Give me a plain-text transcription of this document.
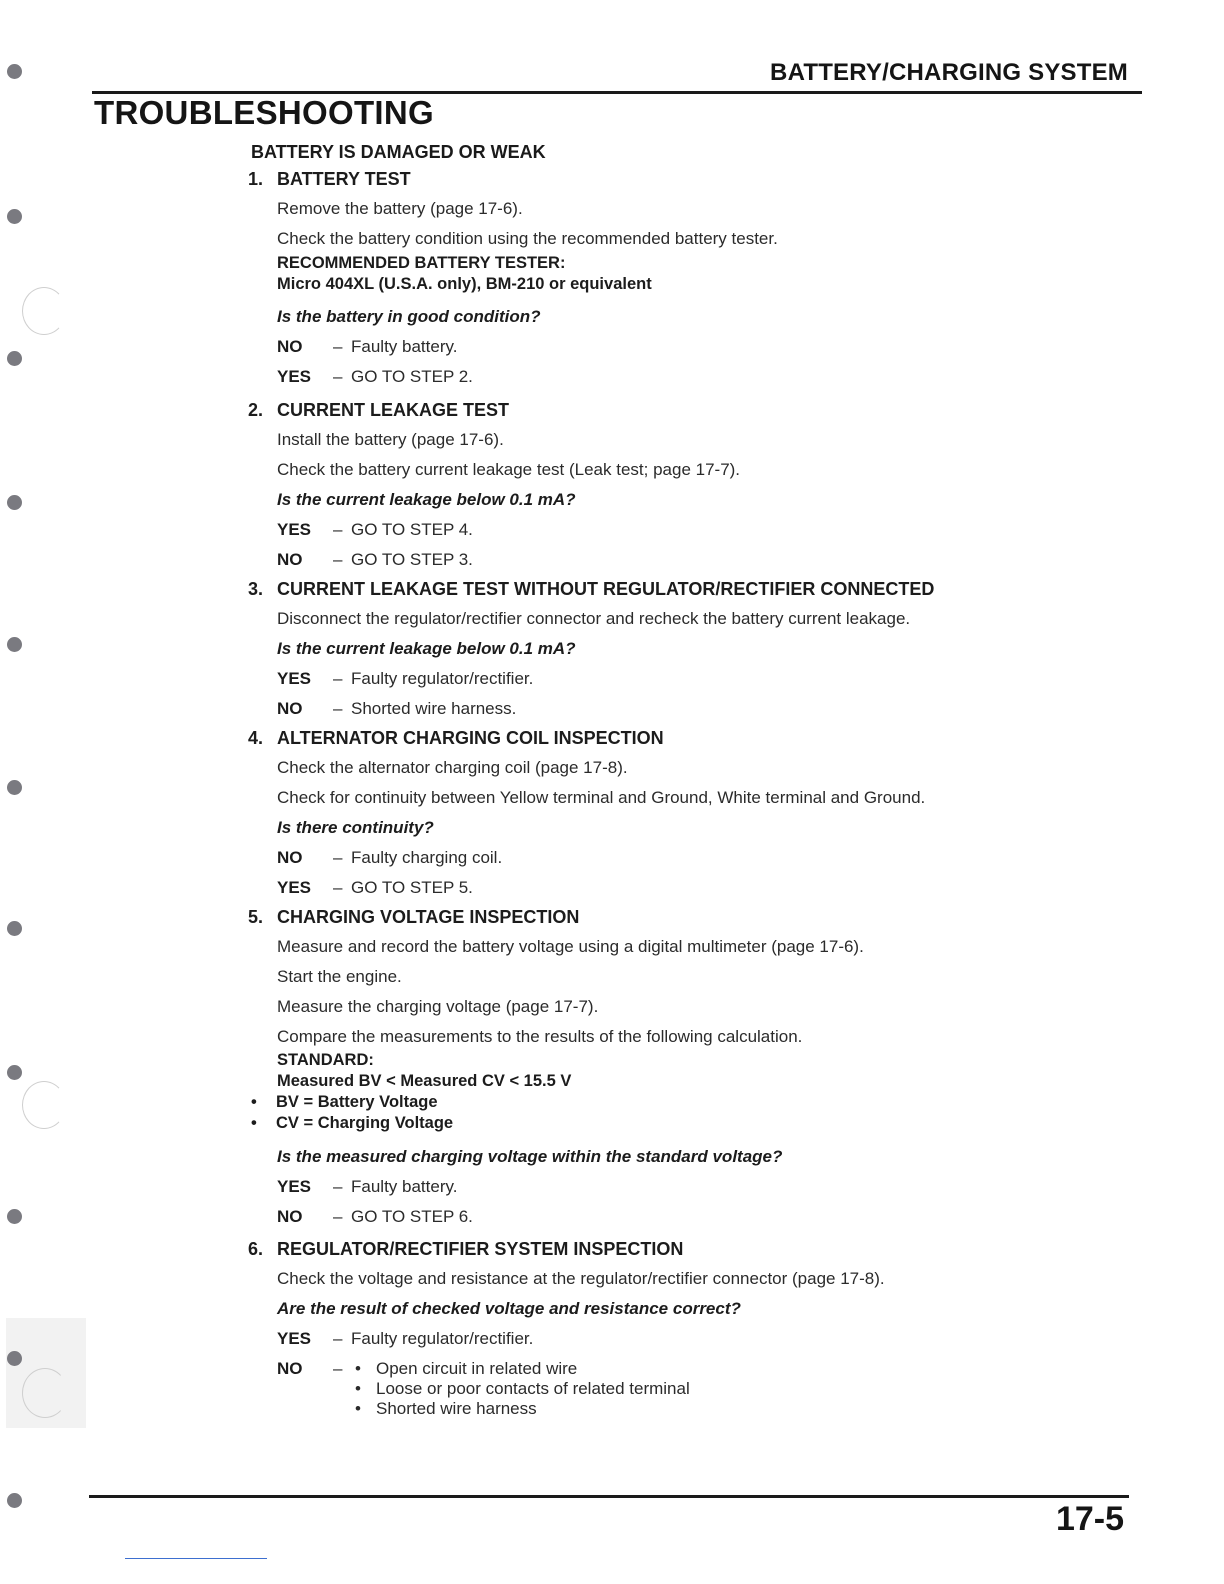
BATTERY/CHARGING SYSTEM
TROUBLESHOOTING
BATTERY IS DAMAGED OR WEAK
1. BATTERY TEST
Remove the battery (page 17-6).
Check the battery condition using the recommended battery tester.
RECOMMENDED BATTERY TESTER:
Micro 404XL (U.S.A. only), BM-210 or equivalent
Is the battery in good condition?
NO – Faulty battery.
YES – GO TO STEP 2.
2. CURRENT LEAKAGE TEST
Install the battery (page 17-6).
Check the battery current leakage test (Leak test; page 17-7).
Is the current leakage below 0.1 mA?
YES – GO TO STEP 4.
NO – GO TO STEP 3.
3. CURRENT LEAKAGE TEST WITHOUT REGULATOR/RECTIFIER CONNECTED
Disconnect the regulator/rectifier connector and recheck the battery current leakage.
Is the current leakage below 0.1 mA?
YES – Faulty regulator/rectifier.
NO – Shorted wire harness.
4. ALTERNATOR CHARGING COIL INSPECTION
Check the alternator charging coil (page 17-8).
Check for continuity between Yellow terminal and Ground, White terminal and Ground.
Is there continuity?
NO – Faulty charging coil.
YES – GO TO STEP 5.
5. CHARGING VOLTAGE INSPECTION
Measure and record the battery voltage using a digital multimeter (page 17-6).
Start the engine.
Measure the charging voltage (page 17-7).
Compare the measurements to the results of the following calculation.
STANDARD:
Measured BV < Measured CV < 15.5 V
• BV = Battery Voltage
• CV = Charging Voltage
Is the measured charging voltage within the standard voltage?
YES – Faulty battery.
NO – GO TO STEP 6.
6. REGULATOR/RECTIFIER SYSTEM INSPECTION
Check the voltage and resistance at the regulator/rectifier connector (page 17-8).
Are the result of checked voltage and resistance correct?
YES – Faulty regulator/rectifier.
NO –
•	Open circuit in related wire
• Loose or poor contacts of related terminal
• Shorted wire harness
17-5
